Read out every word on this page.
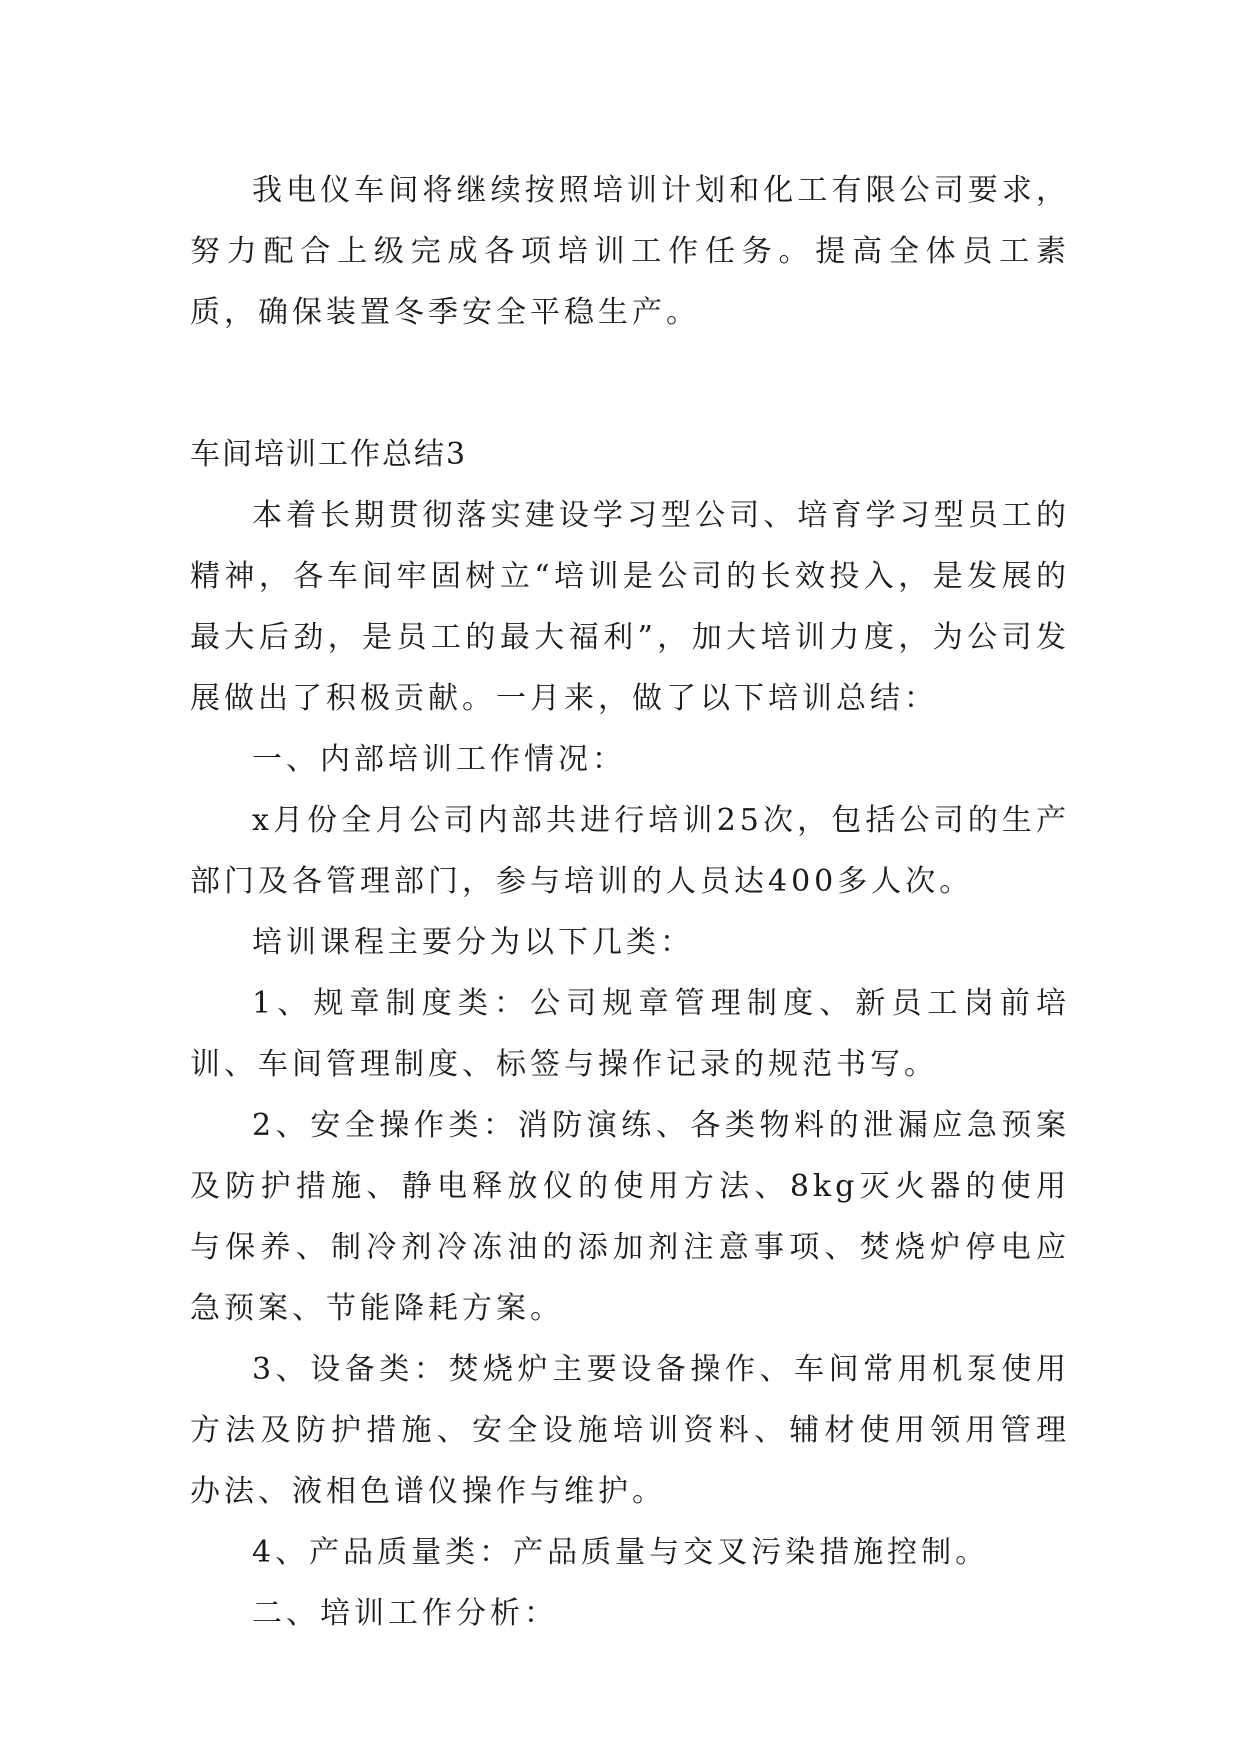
我电仪车间将继续按照培训计划和化工有限公司要求，努力配合上级完成各项培训工作任务。提高全体员工素质，确保装置冬季安全平稳生产。

车间培训工作总结3

本着长期贯彻落实建设学习型公司、培育学习型员工的精神，各车间牢固树立“培训是公司的长效投入，是发展的最大后劲，是员工的最大福利”，加大培训力度，为公司发展做出了积极贡献。一月来，做了以下培训总结：

一、内部培训工作情况：

x月份全月公司内部共进行培训25次，包括公司的生产部门及各管理部门，参与培训的人员达400多人次。

培训课程主要分为以下几类：

1、规章制度类：公司规章管理制度、新员工岗前培训、车间管理制度、标签与操作记录的规范书写。

2、安全操作类：消防演练、各类物料的泄漏应急预案及防护措施、静电释放仪的使用方法、8kg灭火器的使用与保养、制冷剂冷冻油的添加剂注意事项、焚烧炉停电应急预案、节能降耗方案。

3、设备类：焚烧炉主要设备操作、车间常用机泵使用方法及防护措施、安全设施培训资料、辅材使用领用管理办法、液相色谱仪操作与维护。

4、产品质量类：产品质量与交叉污染措施控制。

二、培训工作分析：
